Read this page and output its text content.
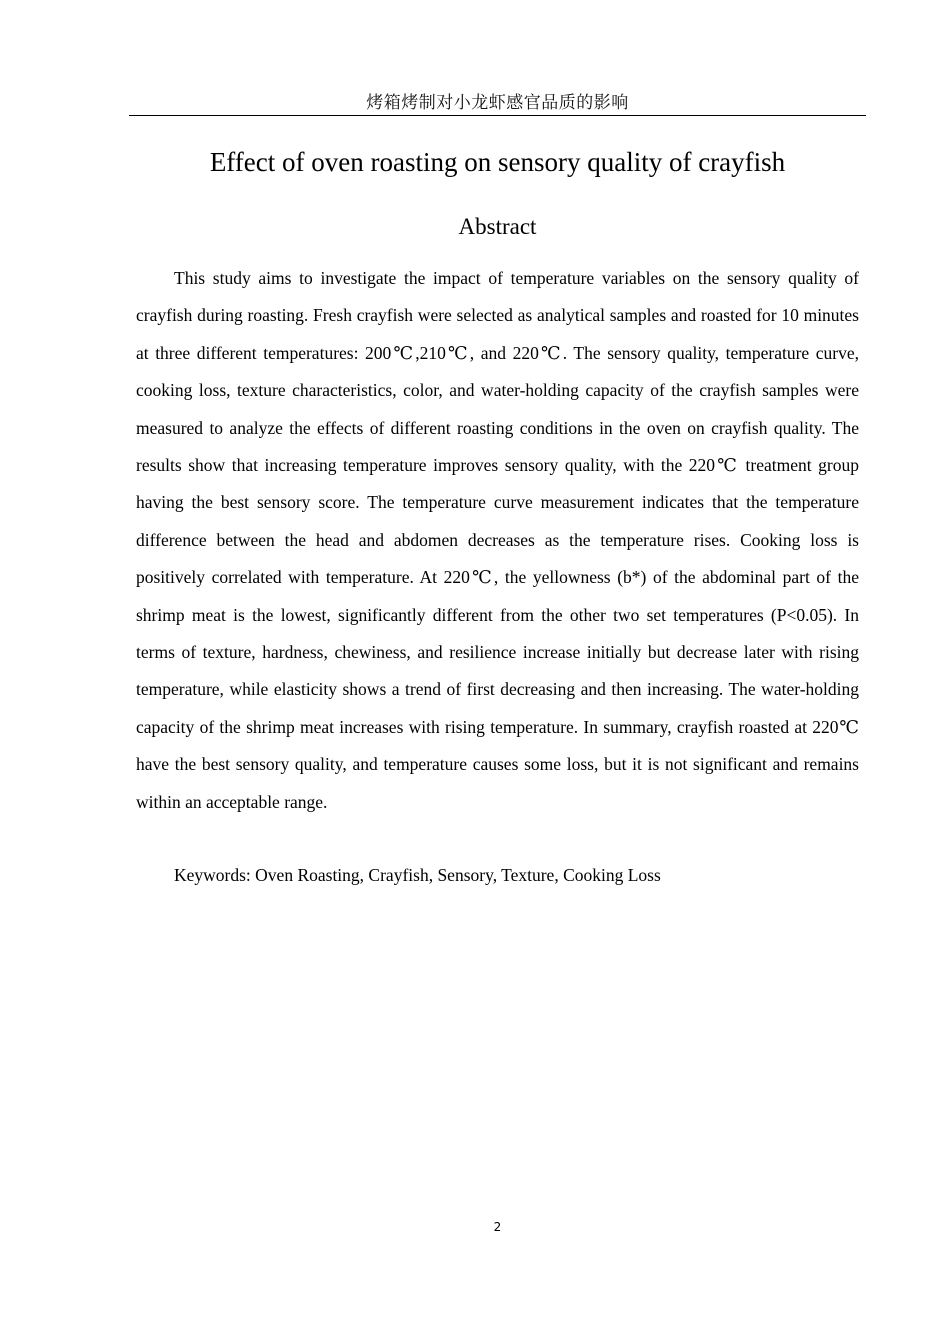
烤箱烤制对小龙虾感官品质的影响
Effect of oven roasting on sensory quality of crayfish
Abstract

This study aims to investigate the impact of temperature variables on the sensory quality of crayfish during roasting. Fresh crayfish were selected as analytical samples and roasted for 10 minutes at three different temperatures: 200℃,210℃, and 220℃. The sensory quality, temperature curve, cooking loss, texture characteristics, color, and water-holding capacity of the crayfish samples were measured to analyze the effects of different roasting conditions in the oven on crayfish quality. The results show that increasing temperature improves sensory quality, with the 220℃ treatment group having the best sensory score. The temperature curve measurement indicates that the temperature difference between the head and abdomen decreases as the temperature rises. Cooking loss is positively correlated with temperature. At 220℃, the yellowness (b*) of the abdominal part of the shrimp meat is the lowest, significantly different from the other two set temperatures (P<0.05). In terms of texture, hardness, chewiness, and resilience increase initially but decrease later with rising temperature, while elasticity shows a trend of first decreasing and then increasing. The water-holding capacity of the shrimp meat increases with rising temperature. In summary, crayfish roasted at 220℃ have the best sensory quality, and temperature causes some loss, but it is not significant and remains within an acceptable range.

Keywords: Oven Roasting, Crayfish, Sensory, Texture, Cooking Loss

2
